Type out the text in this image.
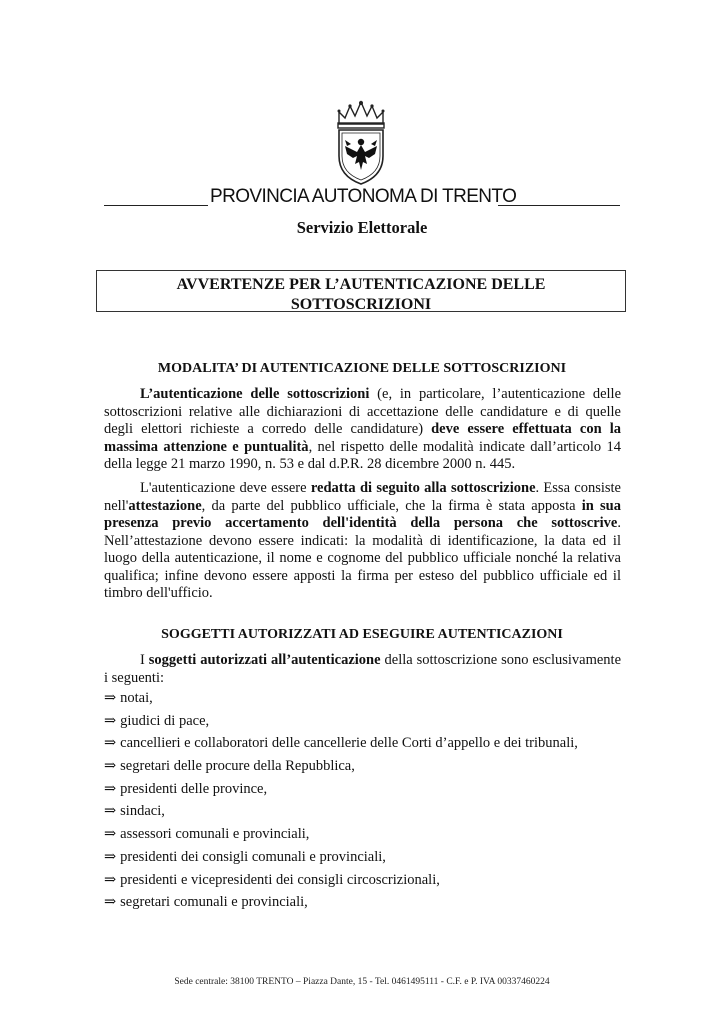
PROVINCIA AUTONOMA DI TRENTO
Servizio Elettorale
AVVERTENZE PER L’AUTENTICAZIONE DELLE
SOTTOSCRIZIONI
MODALITA’ DI AUTENTICAZIONE DELLE SOTTOSCRIZIONI
L’autenticazione delle sottoscrizioni (e, in particolare, l’autenticazione delle sottoscrizioni relative alle dichiarazioni di accettazione delle candidature e di quelle degli elettori richieste a corredo delle candidature) deve essere effettuata con la massima attenzione e puntualità, nel rispetto delle modalità indicate dall’articolo 14 della legge 21 marzo 1990, n. 53 e dal d.P.R. 28 dicembre 2000 n. 445.
L'autenticazione deve essere redatta di seguito alla sottoscrizione. Essa consiste nell'attestazione, da parte del pubblico ufficiale, che la firma è stata apposta in sua presenza previo accertamento dell'identità della persona che sottoscrive. Nell’attestazione devono essere indicati: la modalità di identificazione, la data ed il luogo della autenticazione, il nome e cognome del pubblico ufficiale nonché la relativa qualifica; infine devono essere apposti la firma per esteso del pubblico ufficiale ed il timbro dell'ufficio.
SOGGETTI AUTORIZZATI AD ESEGUIRE AUTENTICAZIONI
I soggetti autorizzati all’autenticazione della sottoscrizione sono esclusivamente i seguenti:
⇒ notai,
⇒ giudici di pace,
⇒ cancellieri e collaboratori delle cancellerie delle Corti d’appello e dei tribunali,
⇒ segretari delle procure della Repubblica,
⇒ presidenti delle province,
⇒ sindaci,
⇒ assessori comunali e provinciali,
⇒ presidenti dei consigli comunali e provinciali,
⇒ presidenti e vicepresidenti dei consigli circoscrizionali,
⇒ segretari comunali e provinciali,
Sede centrale: 38100 TRENTO – Piazza Dante, 15 - Tel. 0461495111 - C.F. e P. IVA 00337460224
